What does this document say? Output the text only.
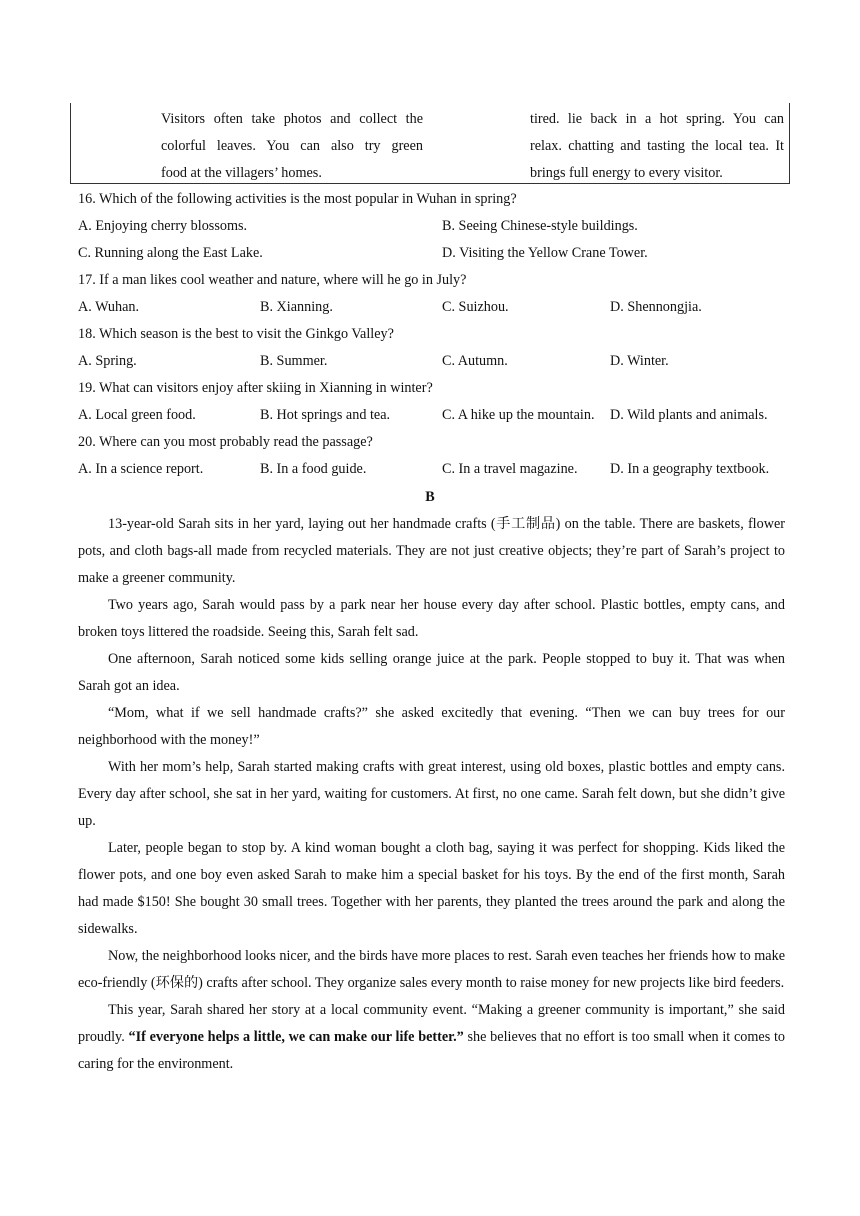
Visitors often take photos and collect the
colorful leaves. You can also try green
food at the villagers’ homes.
tired. lie back in a hot spring. You can
relax. chatting and tasting the local tea. It
brings full energy to every visitor.
16. Which of the following activities is the most popular in Wuhan in spring?
A. Enjoying cherry blossoms.	B. Seeing Chinese-style buildings.
C. Running along the East Lake.	D. Visiting the Yellow Crane Tower.
17. If a man likes cool weather and nature, where will he go in July?
A. Wuhan.	B. Xianning.	C. Suizhou.	D. Shennongjia.
18. Which season is the best to visit the Ginkgo Valley?
A. Spring.	B. Summer.	C. Autumn.	D. Winter.
19. What can visitors enjoy after skiing in Xianning in winter?
A. Local green food.	B. Hot springs and tea.	C. A hike up the mountain. D. Wild plants and animals.
20. Where can you most probably read the passage?
A. In a science report.	B. In a food guide.	C. In a travel magazine. D. In a geography textbook.
B

13-year-old Sarah sits in her yard, laying out her handmade crafts (手工制品) on the table. There are baskets, flower pots, and cloth bags-all made from recycled materials. They are not just creative objects; they’re part of Sarah’s project to make a greener community.

Two years ago, Sarah would pass by a park near her house every day after school. Plastic bottles, empty cans, and broken toys littered the roadside. Seeing this, Sarah felt sad.

One afternoon, Sarah noticed some kids selling orange juice at the park. People stopped to buy it. That was when Sarah got an idea.

“Mom, what if we sell handmade crafts?” she asked excitedly that evening. “Then we can buy trees for our neighborhood with the money!”

With her mom’s help, Sarah started making crafts with great interest, using old boxes, plastic bottles and empty cans. Every day after school, she sat in her yard, waiting for customers. At first, no one came. Sarah felt down, but she didn’t give up.

Later, people began to stop by. A kind woman bought a cloth bag, saying it was perfect for shopping. Kids liked the flower pots, and one boy even asked Sarah to make him a special basket for his toys. By the end of the first month, Sarah had made $150! She bought 30 small trees. Together with her parents, they planted the trees around the park and along the sidewalks.

Now, the neighborhood looks nicer, and the birds have more places to rest. Sarah even teaches her friends how to make eco-friendly (环保的) crafts after school. They organize sales every month to raise money for new projects like bird feeders.

This year, Sarah shared her story at a local community event. “Making a greener community is important,” she said proudly. “If everyone helps a little, we can make our life better.” she believes that no effort is too small when it comes to caring for the environment.
